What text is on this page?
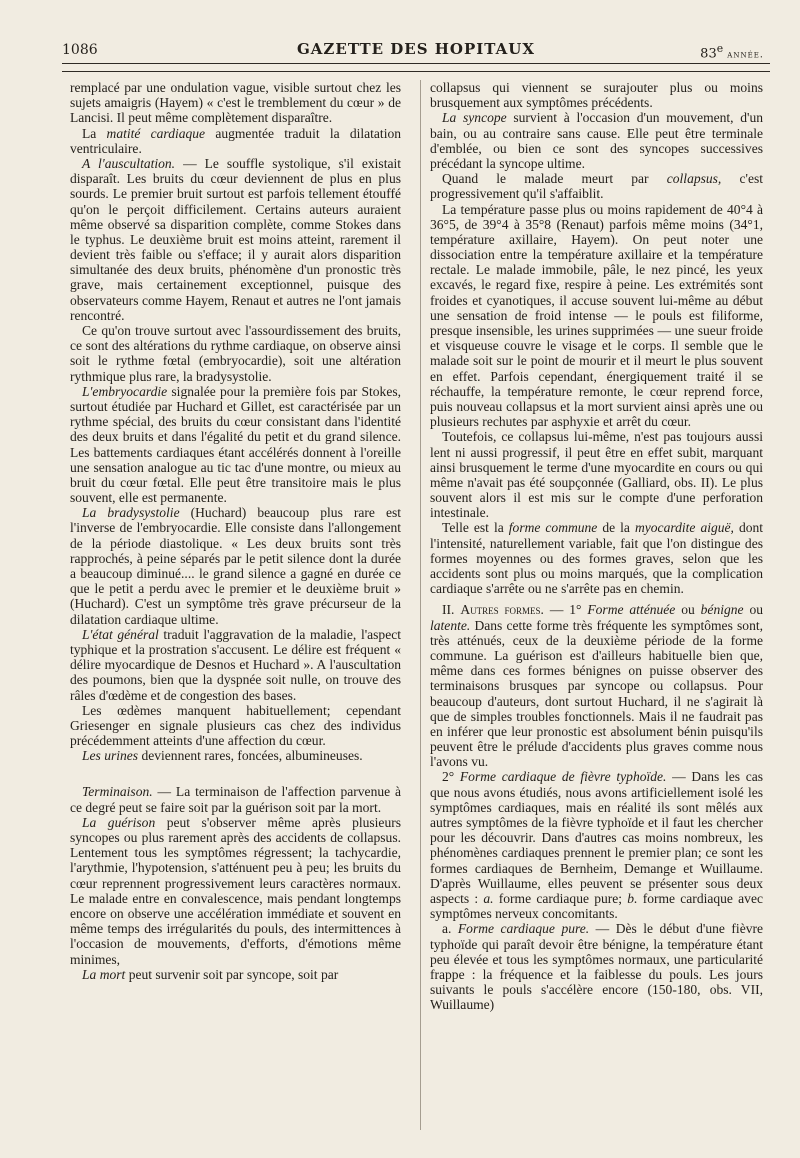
1086	GAZETTE DES HOPITAUX	83e année.

remplacé par une ondulation vague, visible surtout chez les sujets amaigris (Hayem) « c'est le tremblement du cœur » de Lancisi. Il peut même complètement disparaître.

La matité cardiaque augmentée traduit la dilatation ventriculaire.

A l'auscultation. — Le souffle systolique, s'il existait disparaît. Les bruits du cœur deviennent de plus en plus sourds. Le premier bruit surtout est parfois tellement étouffé qu'on le perçoit difficilement. Certains auteurs auraient même observé sa disparition complète, comme Stokes dans le typhus. Le deuxième bruit est moins atteint, rarement il devient très faible ou s'efface; il y aurait alors disparition simultanée des deux bruits, phénomène d'un pronostic très grave, mais certainement exceptionnel, puisque des observateurs comme Hayem, Renaut et autres ne l'ont jamais rencontré.

Ce qu'on trouve surtout avec l'assourdissement des bruits, ce sont des altérations du rythme cardiaque, on observe ainsi soit le rythme fœtal (embryocardie), soit une altération rythmique plus rare, la bradysystolie.

L'embryocardie signalée pour la première fois par Stokes, surtout étudiée par Huchard et Gillet, est caractérisée par un rythme spécial, des bruits du cœur consistant dans l'identité des deux bruits et dans l'égalité du petit et du grand silence. Les battements cardiaques étant accélérés donnent à l'oreille une sensation analogue au tic tac d'une montre, ou mieux au bruit du cœur fœtal. Elle peut être transitoire mais le plus souvent, elle est permanente.

La bradysystolie (Huchard) beaucoup plus rare est l'inverse de l'embryocardie. Elle consiste dans l'allongement de la période diastolique. « Les deux bruits sont très rapprochés, à peine séparés par le petit silence dont la durée a beaucoup diminué.... le grand silence a gagné en durée ce que le petit a perdu avec le premier et le deuxième bruit » (Huchard). C'est un symptôme très grave précurseur de la dilatation cardiaque ultime.

L'état général traduit l'aggravation de la maladie, l'aspect typhique et la prostration s'accusent. Le délire est fréquent « délire myocardique de Desnos et Huchard ». A l'auscultation des poumons, bien que la dyspnée soit nulle, on trouve des râles d'œdème et de congestion des bases.

Les œdèmes manquent habituellement; cependant Griesenger en signale plusieurs cas chez des individus précédemment atteints d'une affection du cœur.

Les urines deviennent rares, foncées, albumineuses.

Terminaison. — La terminaison de l'affection parvenue à ce degré peut se faire soit par la guérison soit par la mort.

La guérison peut s'observer même après plusieurs syncopes ou plus rarement après des accidents de collapsus. Lentement tous les symptômes régressent; la tachycardie, l'arythmie, l'hypotension, s'atténuent peu à peu; les bruits du cœur reprennent progressivement leurs caractères normaux. Le malade entre en convalescence, mais pendant longtemps encore on observe une accélération immédiate et souvent en même temps des irrégularités du pouls, des intermittences à l'occasion de mouvements, d'efforts, d'émotions même minimes,

La mort peut survenir soit par syncope, soit par

collapsus qui viennent se surajouter plus ou moins brusquement aux symptômes précédents.

La syncope survient à l'occasion d'un mouvement, d'un bain, ou au contraire sans cause. Elle peut être terminale d'emblée, ou bien ce sont des syncopes successives précédant la syncope ultime.

Quand le malade meurt par collapsus, c'est progressivement qu'il s'affaiblit.

La température passe plus ou moins rapidement de 40°4 à 36°5, de 39°4 à 35°8 (Renaut) parfois même moins (34°1, température axillaire, Hayem). On peut noter une dissociation entre la température axillaire et la température rectale. Le malade immobile, pâle, le nez pincé, les yeux excavés, le regard fixe, respire à peine. Les extrémités sont froides et cyanotiques, il accuse souvent lui-même au début une sensation de froid intense — le pouls est filiforme, presque insensible, les urines supprimées — une sueur froide et visqueuse couvre le visage et le corps. Il semble que le malade soit sur le point de mourir et il meurt le plus souvent en effet. Parfois cependant, énergiquement traité il se réchauffe, la température remonte, le cœur reprend force, puis nouveau collapsus et la mort survient ainsi après une ou plusieurs rechutes par asphyxie et arrêt du cœur.

Toutefois, ce collapsus lui-même, n'est pas toujours aussi lent ni aussi progressif, il peut être en effet subit, marquant ainsi brusquement le terme d'une myocardite en cours ou qui même n'avait pas été soupçonnée (Galliard, obs. II). Le plus souvent alors il est mis sur le compte d'une perforation intestinale.

Telle est la forme commune de la myocardite aiguë, dont l'intensité, naturellement variable, fait que l'on distingue des formes moyennes ou des formes graves, selon que les accidents sont plus ou moins marqués, que la complication cardiaque s'arrête ou ne s'arrête pas en chemin.

II. Autres formes. — 1° Forme atténuée ou bénigne ou latente. Dans cette forme très fréquente les symptômes sont, très atténués, ceux de la deuxième période de la forme commune. La guérison est d'ailleurs habituelle bien que, même dans ces formes bénignes on puisse observer des terminaisons brusques par syncope ou collapsus. Pour beaucoup d'auteurs, dont surtout Huchard, il ne s'agirait là que de simples troubles fonctionnels. Mais il ne faudrait pas en inférer que leur pronostic est absolument bénin puisqu'ils peuvent être le prélude d'accidents plus graves comme nous l'avons vu.

2° Forme cardiaque de fièvre typhoïde. — Dans les cas que nous avons étudiés, nous avons artificiellement isolé les symptômes cardiaques, mais en réalité ils sont mêlés aux autres symptômes de la fièvre typhoïde et il faut les chercher pour les découvrir. Dans d'autres cas moins nombreux, les phénomènes cardiaques prennent le premier plan; ce sont les formes cardiaques de Bernheim, Demange et Wuillaume. D'après Wuillaume, elles peuvent se présenter sous deux aspects : a. forme cardiaque pure; b. forme cardiaque avec symptômes nerveux concomitants.

a. Forme cardiaque pure. — Dès le début d'une fièvre typhoïde qui paraît devoir être bénigne, la température étant peu élevée et tous les symptômes normaux, une particularité frappe : la fréquence et la faiblesse du pouls. Les jours suivants le pouls s'accélère encore (150-180, obs. VII, Wuillaume)
